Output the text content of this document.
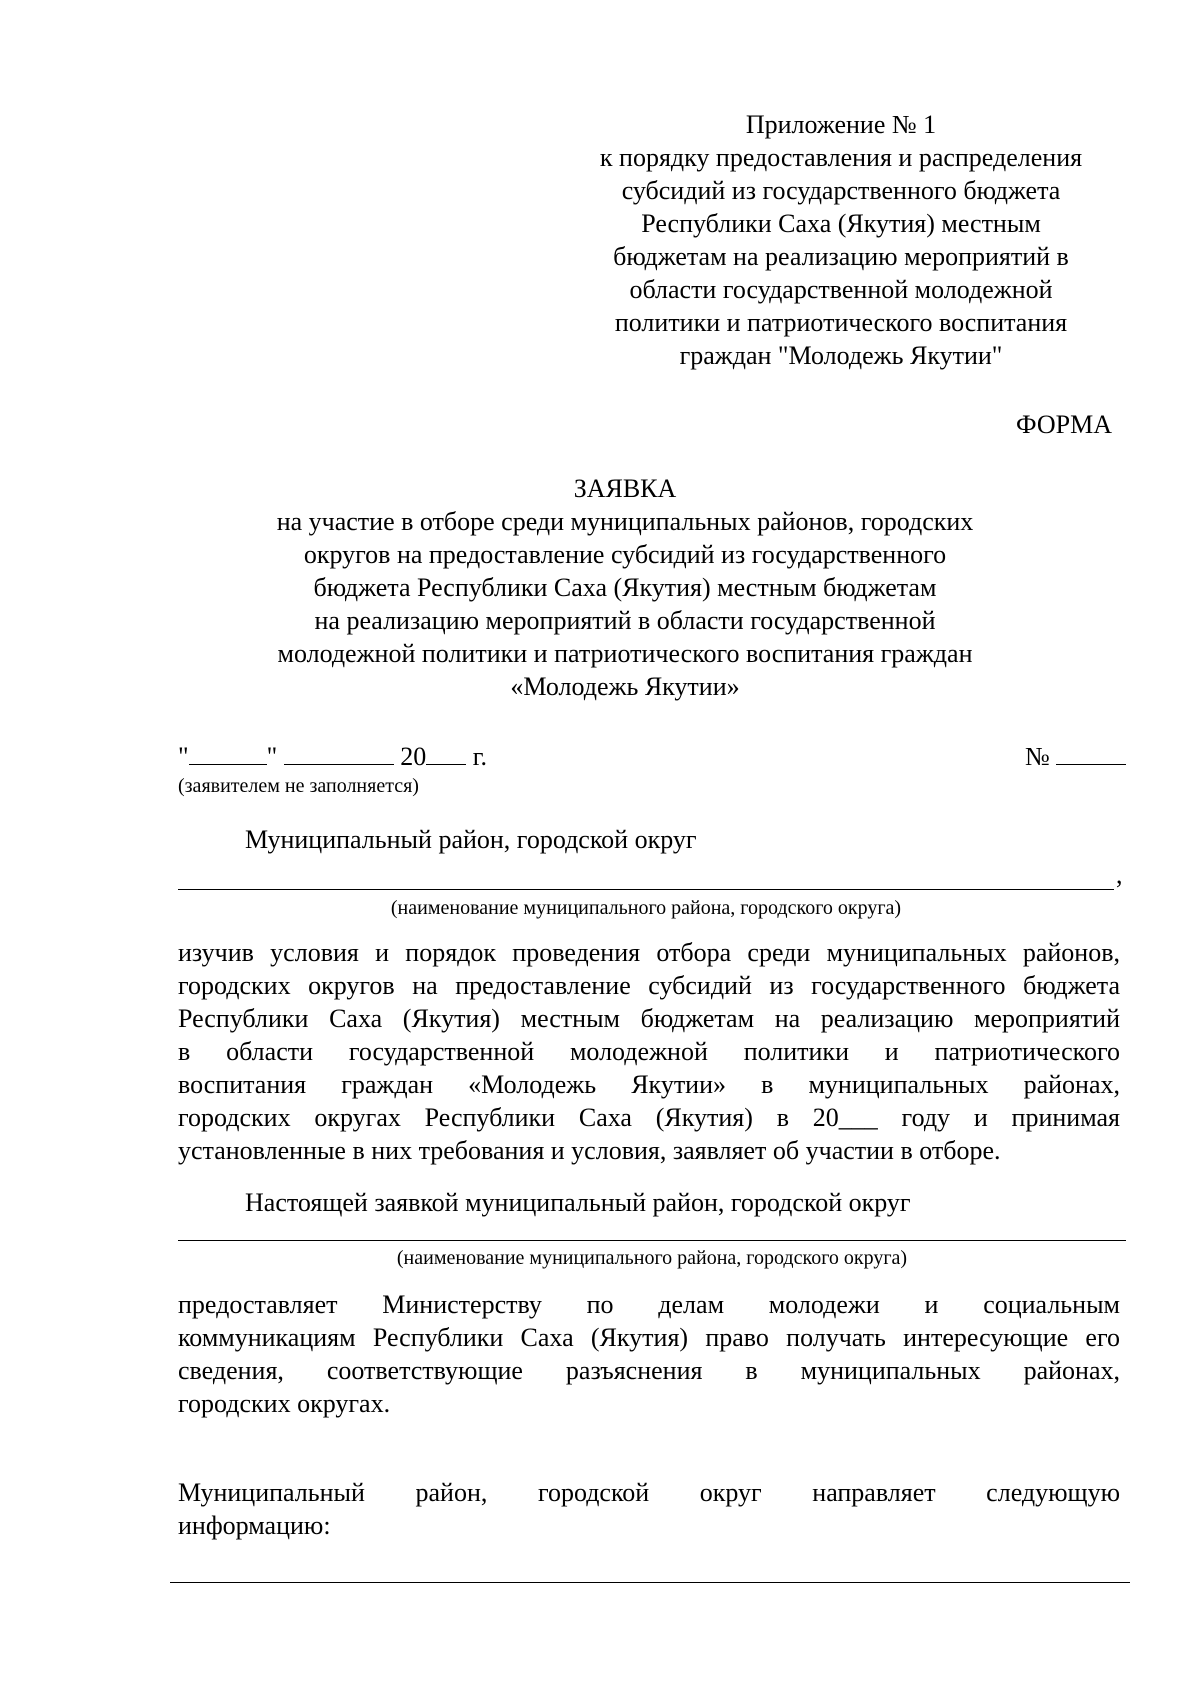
Приложение № 1
к порядку предоставления и распределения
субсидий из государственного бюджета
Республики Саха (Якутия) местным
бюджетам на реализацию мероприятий в
области государственной молодежной
политики и патриотического воспитания
граждан "Молодежь Якутии"
ФОРМА
ЗАЯВКА
на участие в отборе среди муниципальных районов, городских
округов на предоставление субсидий из государственного
бюджета Республики Саха (Якутия) местным бюджетам
на реализацию мероприятий в области государственной
молодежной политики и патриотического воспитания граждан
«Молодежь Якутии»
"	"	20 г.	№
(заявителем не заполняется)
Муниципальный район, городской округ
,
(наименование муниципального района, городского округа)
изучив условия и порядок проведения отбора среди муниципальных районов,
городских округов на предоставление субсидий из государственного бюджета
Республики Саха (Якутия) местным бюджетам на реализацию мероприятий
в области государственной молодежной политики и патриотического
воспитания граждан «Молодежь Якутии» в муниципальных районах,
городских округах Республики Саха (Якутия) в 20___ году и принимая
установленные в них требования и условия, заявляет об участии в отборе.
Настоящей заявкой муниципальный район, городской округ
(наименование муниципального района, городского округа)
предоставляет Министерству по делам молодежи и социальным
коммуникациям Республики Саха (Якутия) право получать интересующие его
сведения, соответствующие разъяснения в муниципальных районах,
городских округах.
Муниципальный район, городской округ направляет следующую
информацию:
